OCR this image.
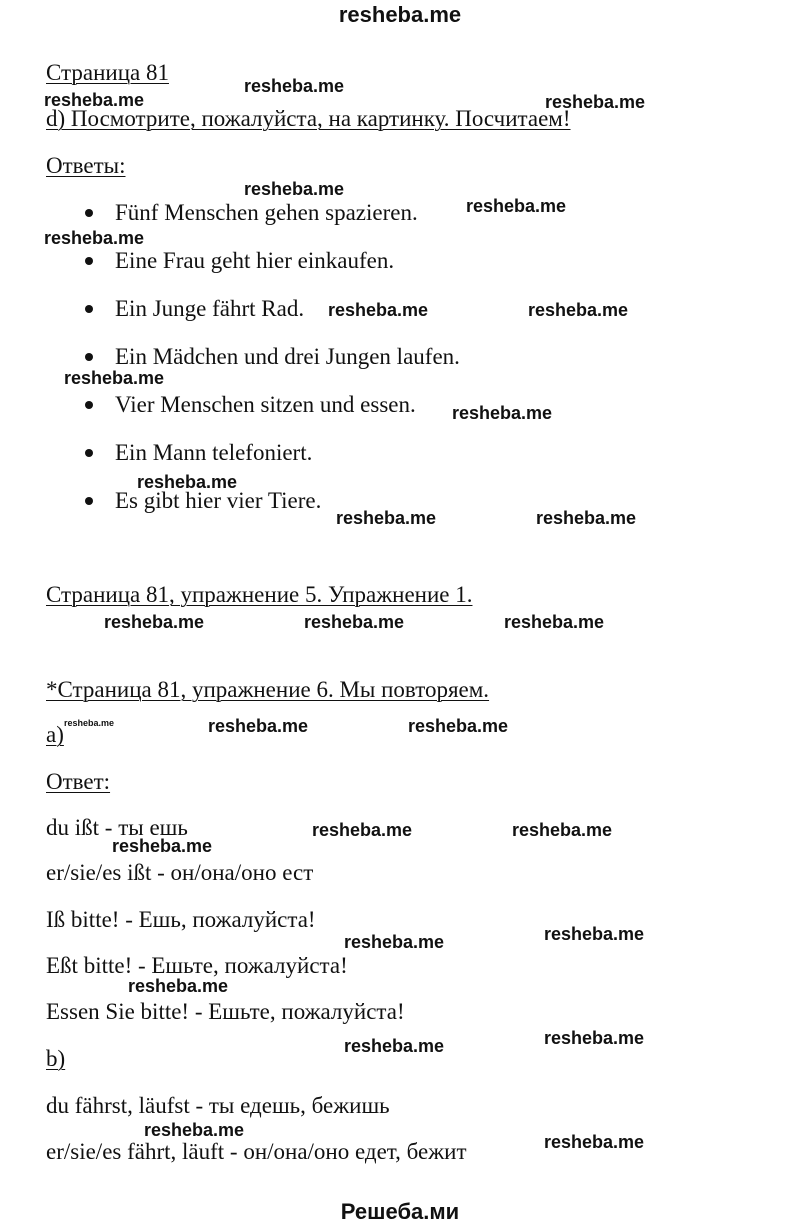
resheba.me
Страница 81
d) Посмотрите, пожалуйста, на картинку. Посчитаем!
Ответы:
Fünf Menschen gehen spazieren.
Eine Frau geht hier einkaufen.
Ein Junge fährt Rad.
Ein Mädchen und drei Jungen laufen.
Vier Menschen sitzen und essen.
Ein Mann telefoniert.
Es gibt hier vier Tiere.
Страница 81, упражнение 5. Упражнение 1.
*Страница 81, упражнение 6. Мы повторяем.
a)
Ответ:
du ißt - ты ешь
er/sie/es ißt - он/она/оно ест
Iß bitte! - Ешь, пожалуйста!
Eßt bitte! - Ешьте, пожалуйста!
Essen Sie bitte! - Ешьте, пожалуйста!
b)
du fährst, läufst - ты едешь, бежишь
er/sie/es fährt, läuft - он/она/оно едет, бежит
resheba.me
resheba.me	resheba.me
resheba.me
resheba.me
resheba.me
resheba.me	resheba.me
resheba.me
resheba.me
resheba.me
resheba.me	resheba.me
resheba.me	resheba.me	resheba.me
resheba.me	resheba.me	resheba.me
resheba.me	resheba.me
resheba.me
resheba.me
resheba.me
resheba.me
resheba.me
resheba.me
resheba.me
resheba.me
Решеба.ми
